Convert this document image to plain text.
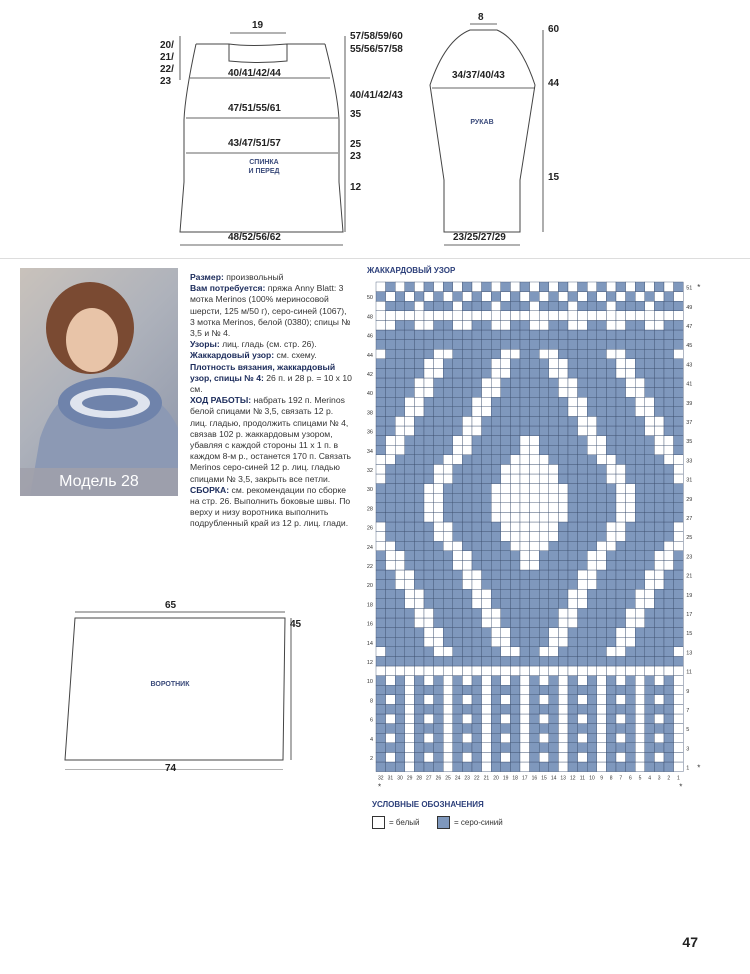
19
20/
21/
22/
23
57/58/59/60
55/56/57/58
40/41/42/43
35
25
23
12
40/41/42/44
47/51/55/61
43/47/51/57
48/52/56/62
СПИНКА
И ПЕРЕД
8
34/37/40/43
60
44
15
23/25/27/29
РУКАВ
Модель 28

Размер: произвольный

Вам потребуется: пряжа Anny Blatt: 3 мотка Merinos (100% мериносовой шерсти, 125 м/50 г), серо-синей (1067), 3 мотка Merinos, белой (0380); спицы № 3,5 и № 4.

Узоры: лиц. гладь (см. стр. 26).

Жаккардовый узор: см. схему.

Плотность вязания, жаккардовый узор, спицы № 4: 26 п. и 28 р. = 10 x 10 см.

ХОД РАБОТЫ: набрать 192 п. Merinos белой спицами № 3,5, связать 12 р. лиц. гладью, продолжить спицами № 4, связав 102 р. жаккардовым узором, убавляя с каждой стороны 11 х 1 п. в каждом 8-м р., останется 170 п. Связать Merinos серо-синей 12 р. лиц. гладью спицами № 3,5, закрыть все петли.

СБОРКА: см. рекомендации по сборке на стр. 26. Выполнить боковые швы. По верху и низу воротника выполнить подрубленный край из 12 р. лиц. глади.

65
45
74
ВОРОТНИК
ЖАККАРДОВЫЙ УЗОР
1
2
3
4
5
6
7
8
9
10
11
12
13
14
15
16
17
18
19
20
21
22
23
24
25
26
27
28
29
30
31
32
33
34
35
36
37
38
39
40
41
42
43
44
45
46
47
48
49
50
51
32 31 30 29 28 27 26 25 24 23 22 21 20 19 18 17 16 15 14 13 12 11 10 9 8 7 6 5 4 3 2 1
*
*
*	*
УСЛОВНЫЕ ОБОЗНАЧЕНИЯ
= белый	= серо-синий
47
